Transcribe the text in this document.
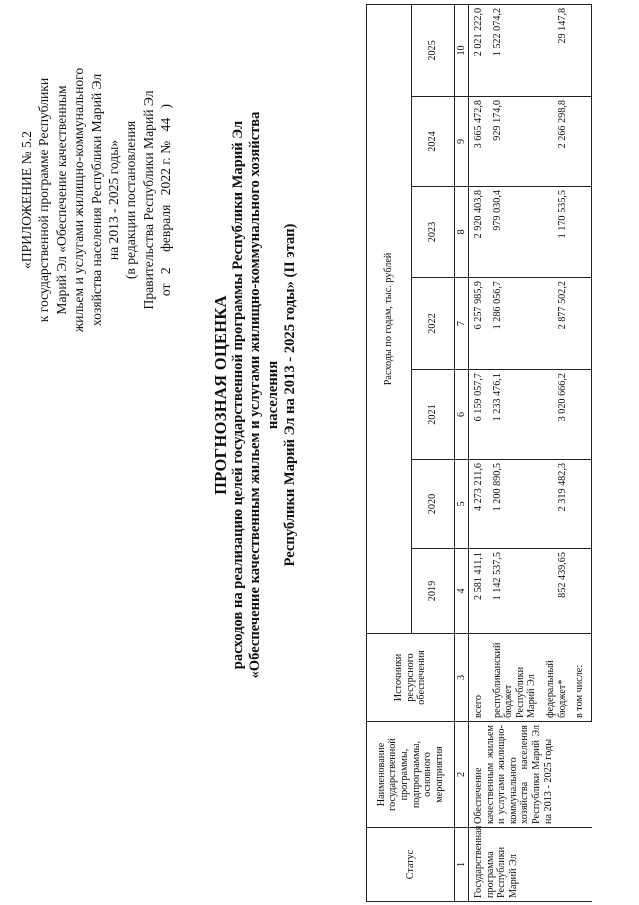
«ПРИЛОЖЕНИЕ № 5.2 к государственной программе Республики Марий Эл «Обеспечение качественным жильем и услугами жилищно-коммунального хозяйства населения Республики Марий Эл на 2013 - 2025 годы» (в редакции постановления Правительства Республики Марий Эл от 2 февраля 2022 г. № 44 )
ПРОГНОЗНАЯ ОЦЕНКА расходов на реализацию целей государственной программы Республики Марий Эл «Обеспечение качественным жильем и услугами жилищно-коммунального хозяйства населения Республики Марий Эл на 2013 - 2025 годы» (II этап)
Статус	Наименование государственной программы, подпрограммы, основного мероприятия	Источники ресурсного обеспечения	Расходы по годам, тыс. рублей						
			2019	2020	2021	2022	2023	2024	2025
1	2	3	4	5	6	7	8	9	10
Государственная программа Республики Марий Эл	Обеспечение качественным жильем и услугами жилищно-коммунального хозяйства населения Республики Марий Эл на 2013 - 2025 годы	всего	2 581 411,1	4 273 211,6	6 159 057,7	6 257 985,9	2 920 403,8	3 665 472,8	2 021 222,0
		республиканский бюджет Республики Марий Эл	1 142 537,5	1 200 890,5	1 233 476,1	1 286 056,7	979 030,4	929 174,0	1 522 074,2
		федеральный бюджет*	852 439,65	2 319 482,3	3 020 666,2	2 877 502,2	1 170 535,5	2 266 298,8	29 147,8
		в том числе:							
